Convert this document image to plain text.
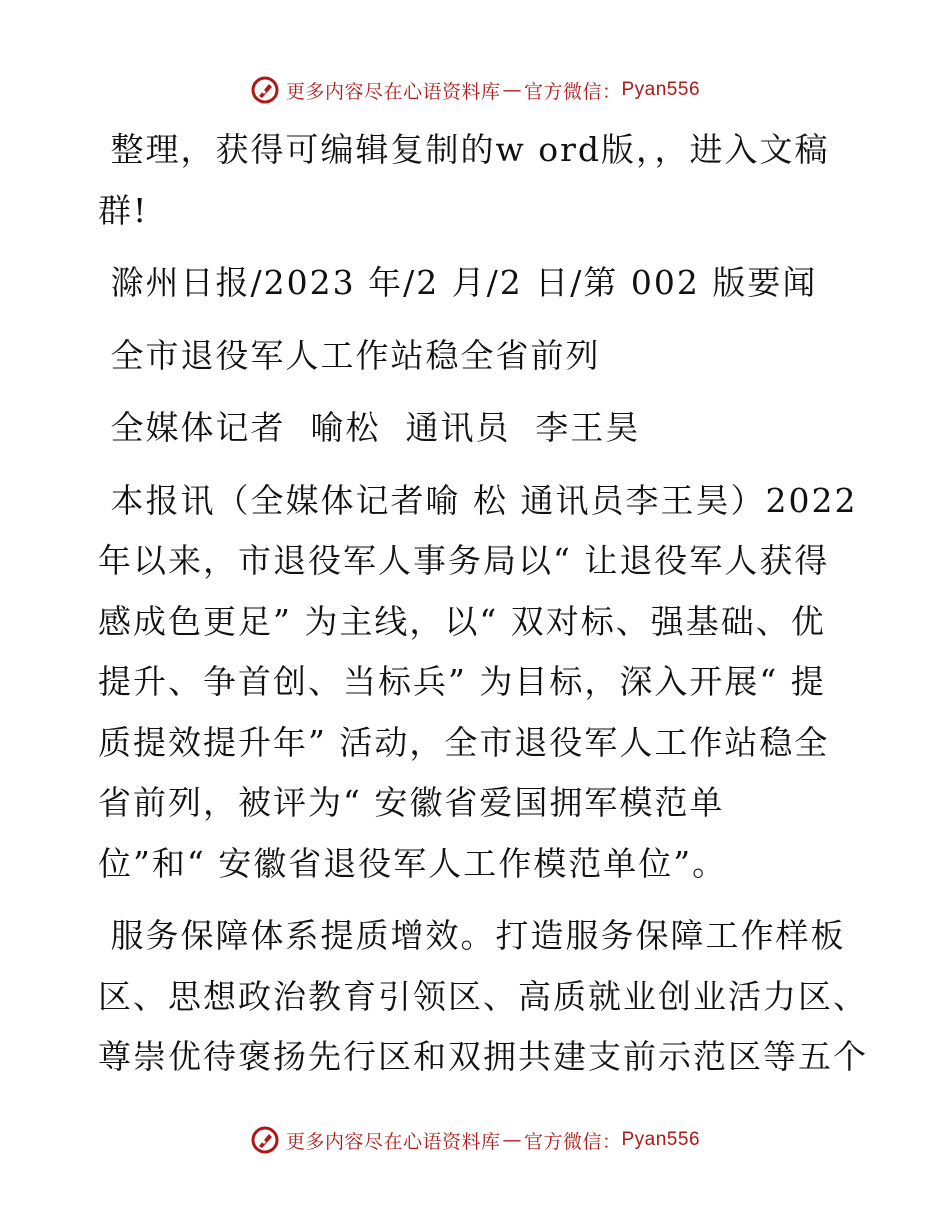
更多内容尽在心语资料库 — 官方微信： Pyan556

整理，获得可编辑复制的w ord版，，进入文稿
群!

滁州日报/2023 年/2 月/2 日/第 002 版要闻

全市退役军人工作站稳全省前列

全媒体记者  喻松  通讯员  李王昊

本报讯（全媒体记者喻 松 通讯员李王昊）2022
年以来，市退役军人事务局以“ 让退役军人获得
感成色更足” 为主线，以“ 双对标、强基础、优
提升、争首创、当标兵” 为目标，深入开展“ 提
质提效提升年” 活动，全市退役军人工作站稳全
省前列，被评为“ 安徽省爱国拥军模范单
位”和“ 安徽省退役军人工作模范单位”。

服务保障体系提质增效。打造服务保障工作样板
区、思想政治教育引领区、高质就业创业活力区、
尊崇优待褒扬先行区和双拥共建支前示范区等五个

更多内容尽在心语资料库 — 官方微信： Pyan556
